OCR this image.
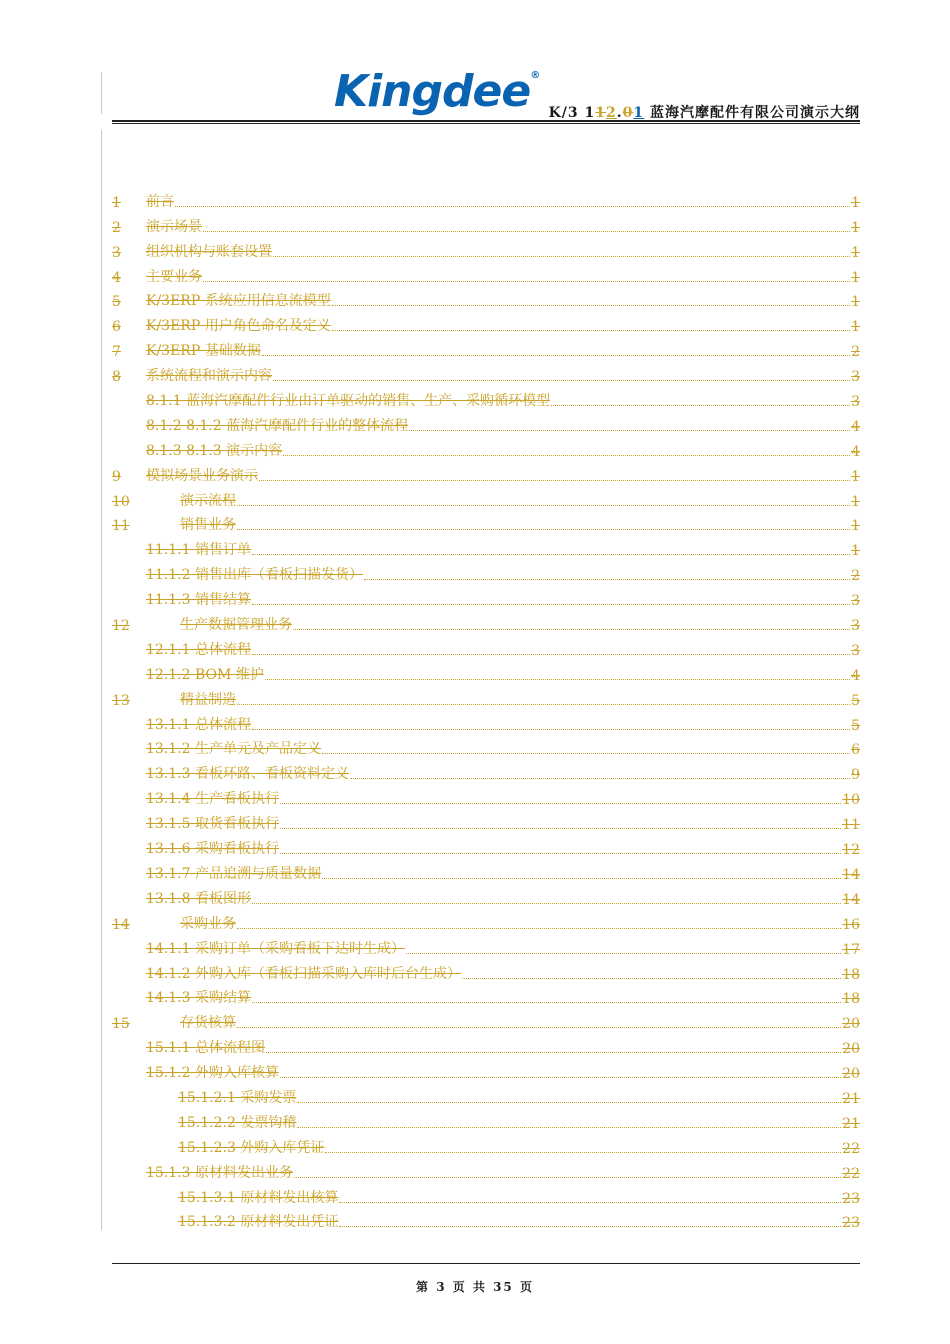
Kingdee®
K/3 112.01 蓝海汽摩配件有限公司演示大纲
1	前言	1
2	演示场景	1
3	组织机构与账套设置	1
4	主要业务	1
5	K/3ERP 系统应用信息流模型	1
6	K/3ERP 用户角色命名及定义	1
7	K/3ERP 基础数据	2
8	系统流程和演示内容	3
8.1.1 蓝海汽摩配件行业由订单驱动的销售、生产、采购循环模型	3
8.1.2 8.1.2 蓝海汽摩配件行业的整体流程	4
8.1.3 8.1.3 演示内容	4
9	模拟场景业务演示	1
10	演示流程	1
11	销售业务	1
11.1.1 销售订单	1
11.1.2 销售出库（看板扫描发货）	2
11.1.3 销售结算	3
12	生产数据管理业务	3
12.1.1 总体流程	3
12.1.2 BOM 维护	4
13	精益制造	5
13.1.1 总体流程	5
13.1.2 生产单元及产品定义	6
13.1.3 看板环路、看板资料定义	9
13.1.4 生产看板执行	10
13.1.5 取货看板执行	11
13.1.6 采购看板执行	12
13.1.7 产品追溯与质量数据	14
13.1.8 看板图形	14
14	采购业务	16
14.1.1 采购订单（采购看板下达时生成）	17
14.1.2 外购入库（看板扫描采购入库时后台生成）	18
14.1.3 采购结算	18
15	存货核算	20
15.1.1 总体流程图	20
15.1.2 外购入库核算	20
15.1.2.1 采购发票	21
15.1.2.2 发票钩稽	21
15.1.2.3 外购入库凭证	22
15.1.3 原材料发出业务	22
15.1.3.1 原材料发出核算	23
15.1.3.2 原材料发出凭证	23
第 3 页 共 35 页
